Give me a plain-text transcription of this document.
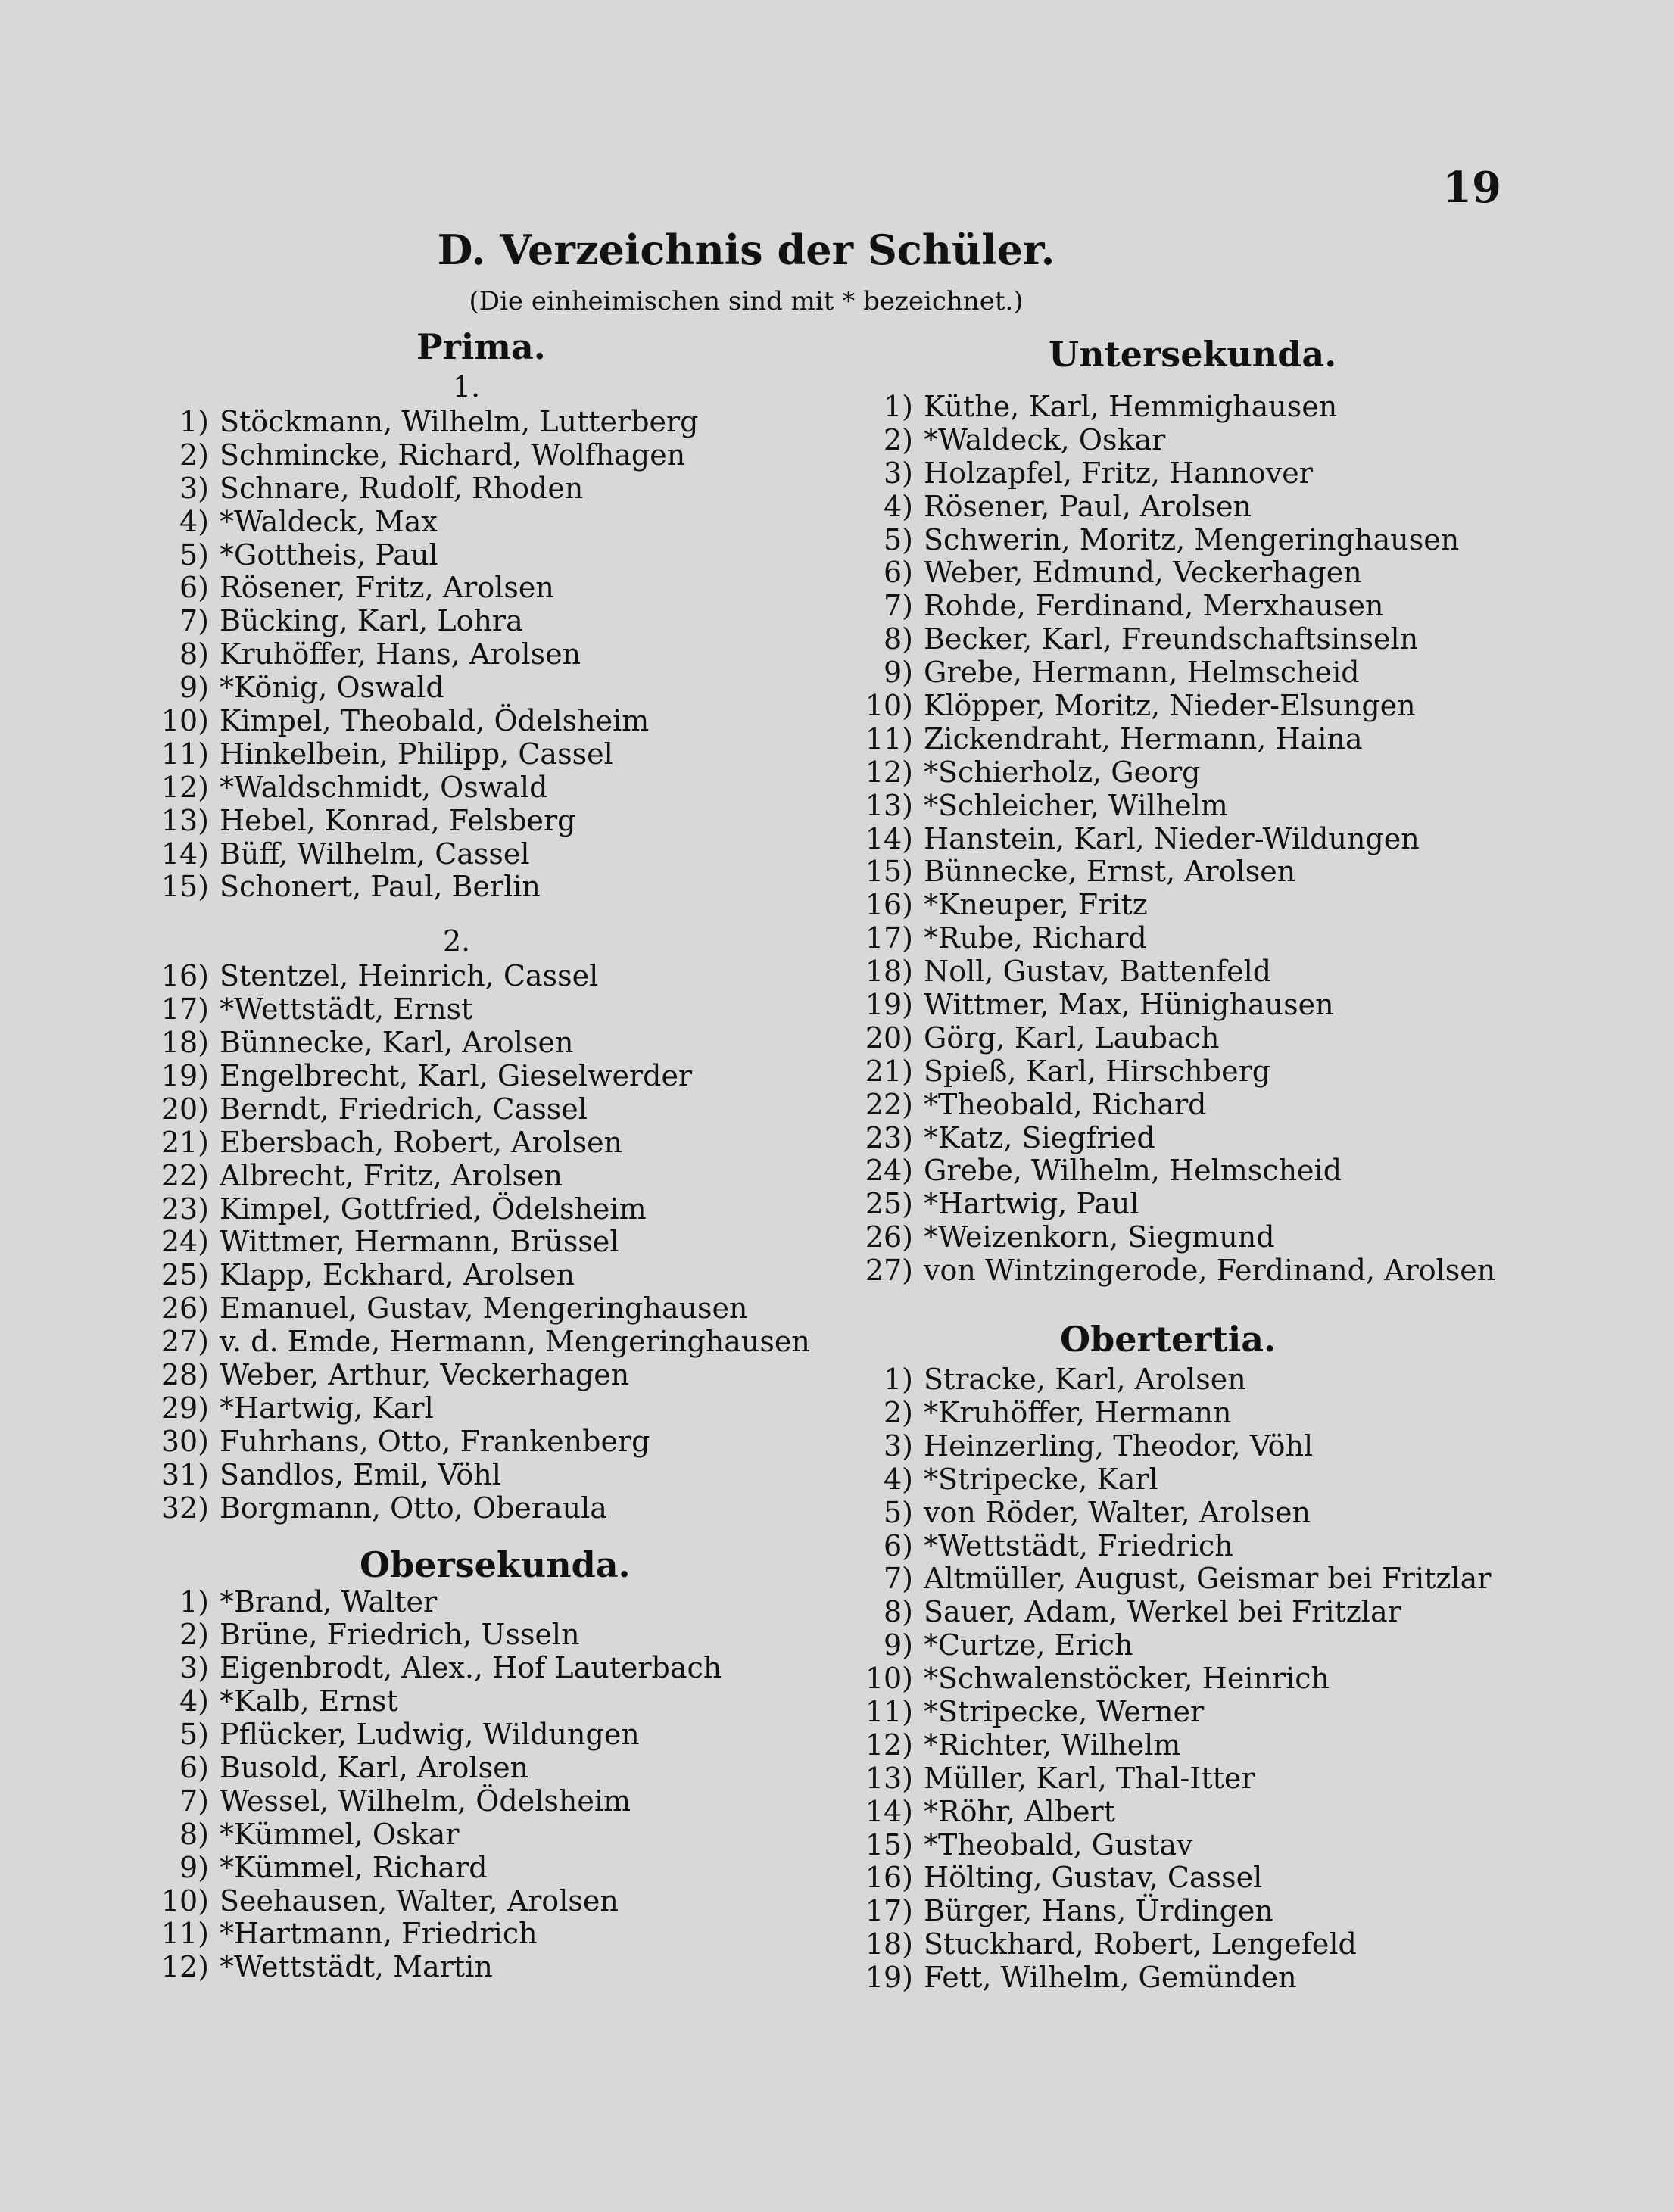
19
D. Verzeichnis der Schüler.
(Die einheimischen sind mit * bezeichnet.)
Prima.
1.
1) Stöckmann, Wilhelm, Lutterberg
2) Schmincke, Richard, Wolfhagen
3) Schnare, Rudolf, Rhoden
4) *Waldeck, Max
5) *Gottheis, Paul
6) Rösener, Fritz, Arolsen
7) Bücking, Karl, Lohra
8) Kruhöffer, Hans, Arolsen
9) *König, Oswald
10) Kimpel, Theobald, Ödelsheim
11) Hinkelbein, Philipp, Cassel
12) *Waldschmidt, Oswald
13) Hebel, Konrad, Felsberg
14) Büff, Wilhelm, Cassel
15) Schonert, Paul, Berlin
2.
16) Stentzel, Heinrich, Cassel
17) *Wettstädt, Ernst
18) Bünnecke, Karl, Arolsen
19) Engelbrecht, Karl, Gieselwerder
20) Berndt, Friedrich, Cassel
21) Ebersbach, Robert, Arolsen
22) Albrecht, Fritz, Arolsen
23) Kimpel, Gottfried, Ödelsheim
24) Wittmer, Hermann, Brüssel
25) Klapp, Eckhard, Arolsen
26) Emanuel, Gustav, Mengeringhausen
27) v. d. Emde, Hermann, Mengeringhausen
28) Weber, Arthur, Veckerhagen
29) *Hartwig, Karl
30) Fuhrhans, Otto, Frankenberg
31) Sandlos, Emil, Vöhl
32) Borgmann, Otto, Oberaula
Obersekunda.
1) *Brand, Walter
2) Brüne, Friedrich, Usseln
3) Eigenbrodt, Alex., Hof Lauterbach
4) *Kalb, Ernst
5) Pflücker, Ludwig, Wildungen
6) Busold, Karl, Arolsen
7) Wessel, Wilhelm, Ödelsheim
8) *Kümmel, Oskar
9) *Kümmel, Richard
10) Seehausen, Walter, Arolsen
11) *Hartmann, Friedrich
12) *Wettstädt, Martin
Untersekunda.
1) Küthe, Karl, Hemmighausen
2) *Waldeck, Oskar
3) Holzapfel, Fritz, Hannover
4) Rösener, Paul, Arolsen
5) Schwerin, Moritz, Mengeringhausen
6) Weber, Edmund, Veckerhagen
7) Rohde, Ferdinand, Merxhausen
8) Becker, Karl, Freundschaftsinseln
9) Grebe, Hermann, Helmscheid
10) Klöpper, Moritz, Nieder-Elsungen
11) Zickendraht, Hermann, Haina
12) *Schierholz, Georg
13) *Schleicher, Wilhelm
14) Hanstein, Karl, Nieder-Wildungen
15) Bünnecke, Ernst, Arolsen
16) *Kneuper, Fritz
17) *Rube, Richard
18) Noll, Gustav, Battenfeld
19) Wittmer, Max, Hünighausen
20) Görg, Karl, Laubach
21) Spieß, Karl, Hirschberg
22) *Theobald, Richard
23) *Katz, Siegfried
24) Grebe, Wilhelm, Helmscheid
25) *Hartwig, Paul
26) *Weizenkorn, Siegmund
27) von Wintzingerode, Ferdinand, Arolsen
Obertertia.
1) Stracke, Karl, Arolsen
2) *Kruhöffer, Hermann
3) Heinzerling, Theodor, Vöhl
4) *Stripecke, Karl
5) von Röder, Walter, Arolsen
6) *Wettstädt, Friedrich
7) Altmüller, August, Geismar bei Fritzlar
8) Sauer, Adam, Werkel bei Fritzlar
9) *Curtze, Erich
10) *Schwalenstöcker, Heinrich
11) *Stripecke, Werner
12) *Richter, Wilhelm
13) Müller, Karl, Thal-Itter
14) *Röhr, Albert
15) *Theobald, Gustav
16) Hölting, Gustav, Cassel
17) Bürger, Hans, Ürdingen
18) Stuckhard, Robert, Lengefeld
19) Fett, Wilhelm, Gemünden
